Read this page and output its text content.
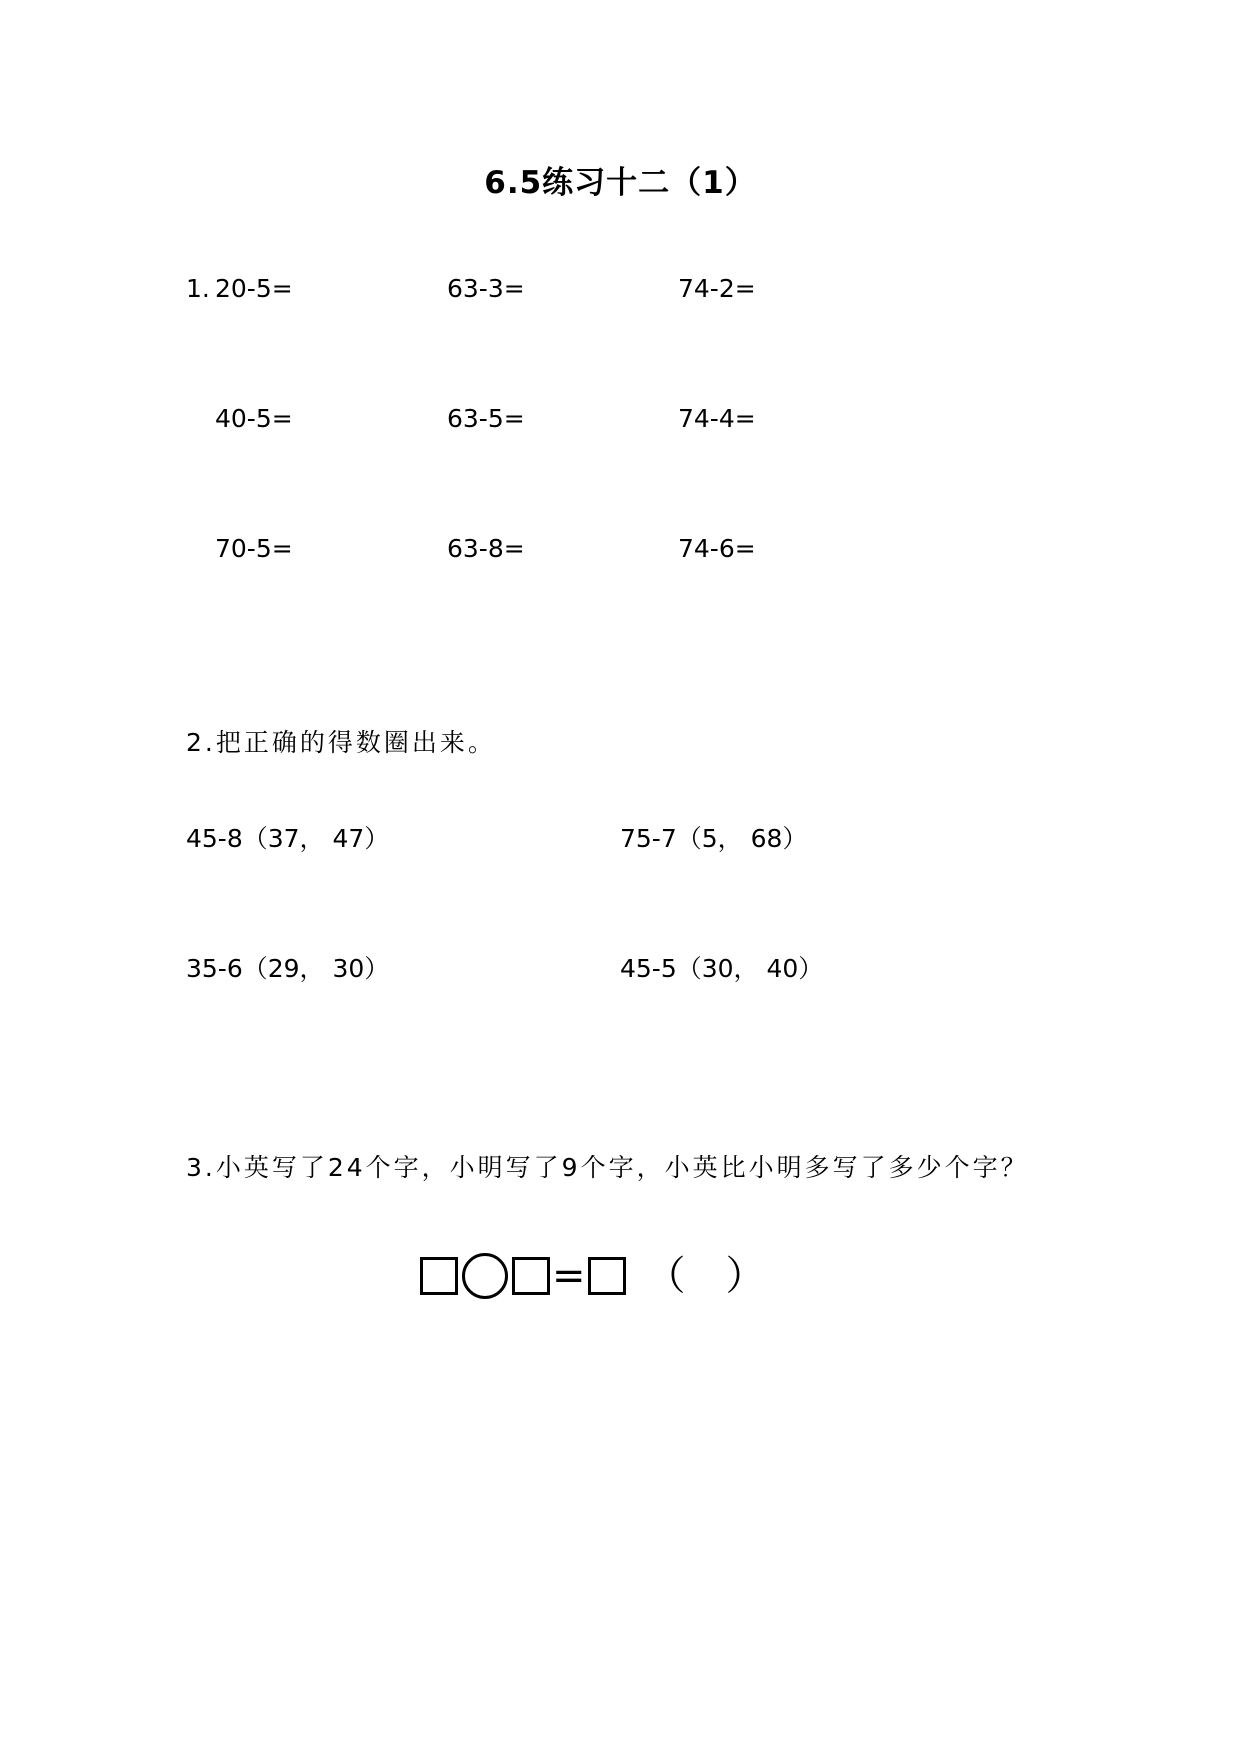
6.5练习十二（1）
1. 20-5=	63-3=	74-2=
40-5=	63-5=	74-4=
70-5=	63-8=	74-6=
2.把正确的得数圈出来。
45-8（37， 47）	75-7（5， 68）
35-6（29， 30）	45-5（30， 40）
3.小英写了24个字，小明写了9个字，小英比小明多写了多少个字？
= （ ）
